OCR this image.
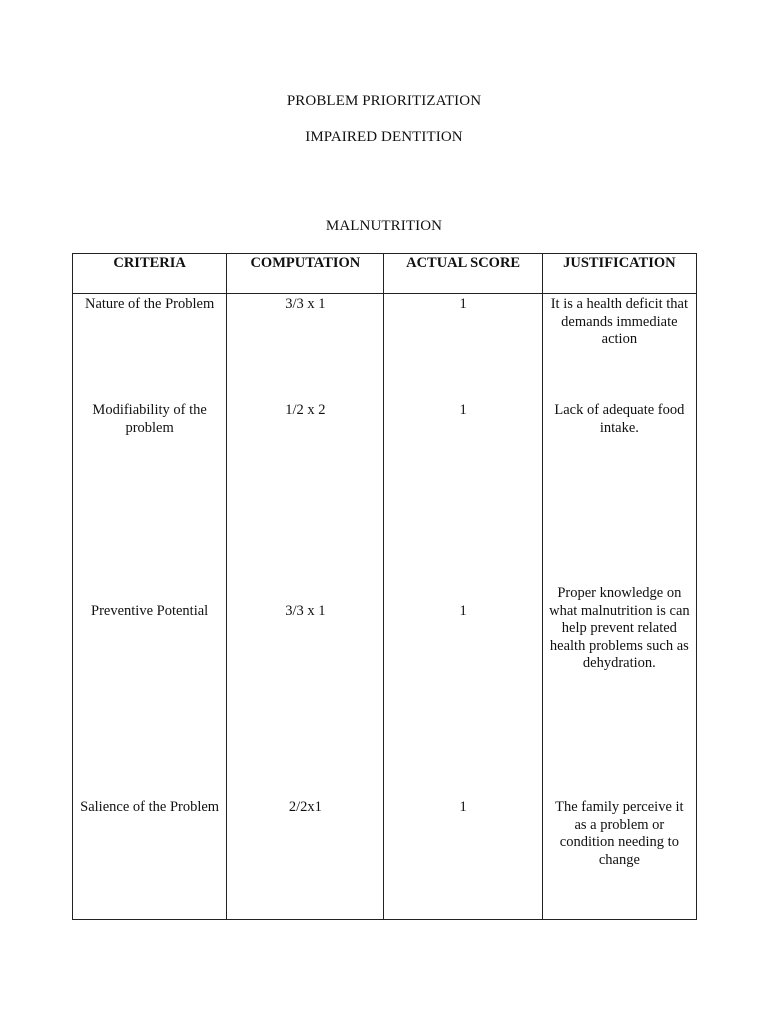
PROBLEM PRIORITIZATION
IMPAIRED DENTITION
MALNUTRITION
CRITERIA	COMPUTATION	ACTUAL SCORE	JUSTIFICATION
Nature of the Problem	3/3 x 1	1	It is a health deficit that demands immediate action
Modifiability of the problem	1/2 x 2	1	Lack of adequate food intake.
Preventive Potential	3/3 x 1	1	Proper knowledge on what malnutrition is can help prevent related health problems such as dehydration.
Salience of the Problem	2/2x1	1	The family perceive it as a problem or condition needing to change
